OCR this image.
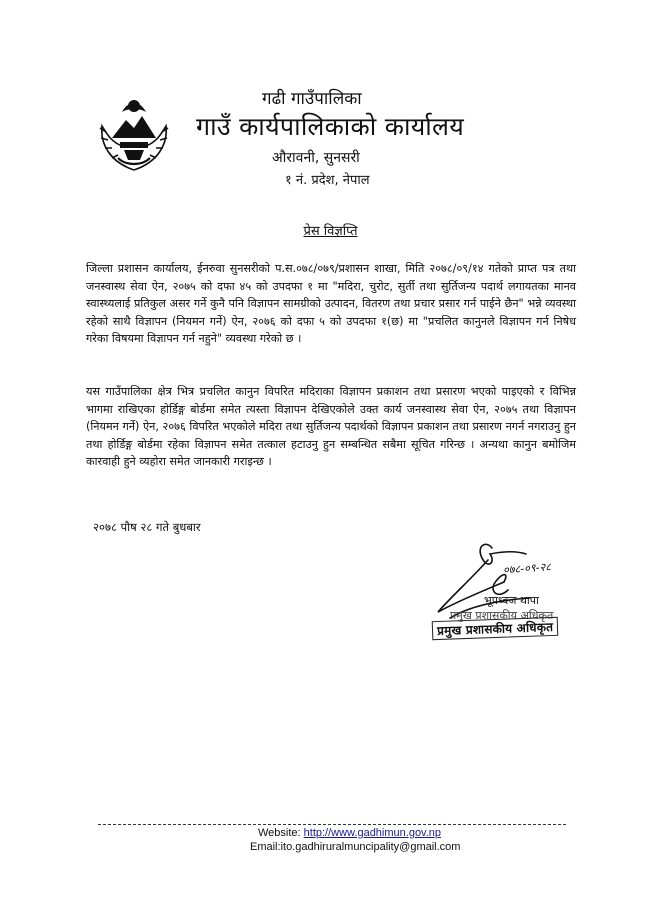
गढी गाउँपालिका
गाउँ कार्यपालिकाको कार्यालय
औरावनी, सुनसरी
१ नं. प्रदेश, नेपाल
प्रेस विज्ञप्ति

जिल्ला प्रशासन कार्यालय, ईनरुवा सुनसरीको प.स.०७८/०७९/प्रशासन शाखा, मिति २०७८/०९/१४ गतेको प्राप्त पत्र तथा जनस्वास्थ सेवा ऐन, २०७५ को दफा ४५ को उपदफा १ मा "मदिरा, चुरोट, सुर्ती तथा सुर्तिजन्य पदार्थ लगायतका मानव स्वास्थ्यलाई प्रतिकुल असर गर्ने कुनै पनि विज्ञापन सामग्रीको उत्पादन, वितरण तथा प्रचार प्रसार गर्न पाईने छैन" भन्ने व्यवस्था रहेको साथै विज्ञापन (नियमन गर्ने) ऐन, २०७६ को दफा ५ को उपदफा १(छ) मा "प्रचलित कानुनले विज्ञापन गर्न निषेध गरेका विषयमा विज्ञापन गर्न नहुने" व्यवस्था गरेको छ ।

यस गाउँपालिका क्षेत्र भित्र प्रचलित कानुन विपरित मदिराका विज्ञापन प्रकाशन तथा प्रसारण भएको पाइएको र विभिन्न भागमा राखिएका होर्डिङ्ग बोर्डमा समेत त्यस्ता विज्ञापन देखिएकोले उक्त कार्य जनस्वास्थ सेवा ऐन, २०७५ तथा विज्ञापन (नियमन गर्ने) ऐन, २०७६ विपरित भएकोले मदिरा तथा सुर्तिजन्य पदार्थको विज्ञापन प्रकाशन तथा प्रसारण नगर्न नगराउनु हुन तथा होर्डिङ्ग बोर्डमा रहेका विज्ञापन समेत तत्काल हटाउनु हुन सम्बन्धित सबैमा सूचित गरिन्छ । अन्यथा कानुन बमोजिम कारवाही हुने व्यहोरा समेत जानकारी गराइन्छ ।

२०७८ पौष २८ गते बुधबार
०७८-०९-२८
भूपध्वज थापा
प्रमुख प्रशासकीय अधिकृत
प्रमुख प्रशासकीय अधिकृत
Website: http://www.gadhimun.gov.np
Email:ito.gadhiruralmuncipality@gmail.com
